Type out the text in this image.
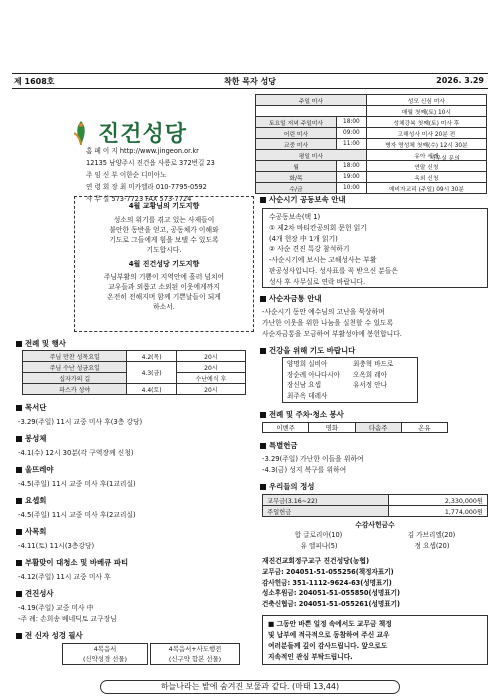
제 1608호	착한 목자 성당	2026. 3.29
진건성당
홈 페 이 지 http://www.jingeon.or.kr
12135 남양주시 진건읍 사릉로 372번길 23
주 임 신 부 이한순 디미아노
연 령 회 장 최 미카엘라 010-7795-0592
사 무 실 573-7723 FAX 573-7724
주일 미사		성모 신심 미사
		매월 첫째(토) 10시
토요일 저녁 주일미사	18:00	성체강복 첫째(토) 미사 후
어린 미사	09:00	고해성사 미사 20분 전
교중 미사	11:00	병자 영성체 첫째(수) 12시 30분
평일 미사		유아 세례
월	18:00	연말 신청
화/목	19:00	옥외 신청
수/금	10:00	예비자교리 (주일) 09시 30분
사무실 문의
4월 교황님의 기도지향
성소의 위기를 겪고 있는 사제들이
불안한 동반을 얻고, 공동체가 이해와
기도로 그들에게 힘을 보탤 수 있도록
기도합시다.
4월 진건성당 기도지향
주님부활의 기쁨이 지역안에 흘러 넘치어
교우들과 외롭고 소외된 이웃에게까지
온전히 전해지며 함께 기쁜날들이 되게
하소서.
전례 및 행사
주님 만찬 성목요일	4.2(목)	20시
주님 수난 성금요일	4.3(금)	20시
십자가의 길		수난예식 후
파스카 성야	4.4(토)	20시
목서단
-3.29(주일) 11시 교중 미사 후(3층 강당)
봉성체
-4.1(수) 12시 30분(각 구역장께 신청)
울뜨레야
-4.5(주일) 11시 교중 미사 후(1교리실)
요셉회
-4.5(주일) 11시 교중 미사 후(2교리실)
사목회
-4.11(토) 11시(3층강당)
부활맞이 대청소 및 바베큐 파티
-4.12(주일) 11시 교중 미사 후
견진성사
-4.19(주일) 교중 미사 中
-주 례: 손희송 베네딕토 교구장님
전 신자 성경 필사
4복음서
(신약성경 선물)
4복음서+사도행전
(신구약 합본 선물)
사순시기 공동보속 안내
수공동보속(택 1)
① 제2차 바티칸공의회 문헌 읽기
(4개 헌장 中 1개 읽기)
② 사순 견진 특강 참석하기
-사순시기에 보시는 고해성사는 부활
판공성사입니다. 성사표를 꼭 받으신 분들은
성사 후 사무실로 연락 바랍니다.
사순자금통 안내
-사순시기 동안 예수님의 고난을 묵상하며
가난한 이웃을 위한 나눔을 실천할 수 있도록
사순자금통을 모금하여 부활성야에 봉헌합니다.
건강을 위해 기도 바랍니다
양명희 실비아	최충혁 바드로
장순례 아나다시아	오옥희 레아
장신남 요셉	유서정 안나
최주옥 데레사
전례 및 주차·청소 봉사
이벤주	명화	다솜주	온유
특별헌금
-3.29(주일) 가난한 이들을 위하여
-4.3(금) 성지 복구를 위하여
우리들의 정성
교무금(3.16~22)	2,330,000원
주일헌금	1,774,000원
수감사헌금수
합 글로리아(10)	김 가브리엘(20)
유 엘피나(5)	정 요셉(20)
재진건교회정구교구 진건성당(농협)
교무금: 204051-51-055256(책정자표기)
감사헌금: 351-1112-9624-63(성명표기)
성소후원금: 204051-51-055850(성명표기)
건축신협금: 204051-51-055261(성명표기)
■ 그동안 바쁜 일정 속에서도 교무금 책정
및 납부에 적극적으로 동참하여 주신 교우
여러분들께 깊이 감사드립니다. 앞으로도
지속적인 관심 부탁드립니다.
하늘나라는 밭에 숨겨진 보물과 같다. (마태 13,44)
